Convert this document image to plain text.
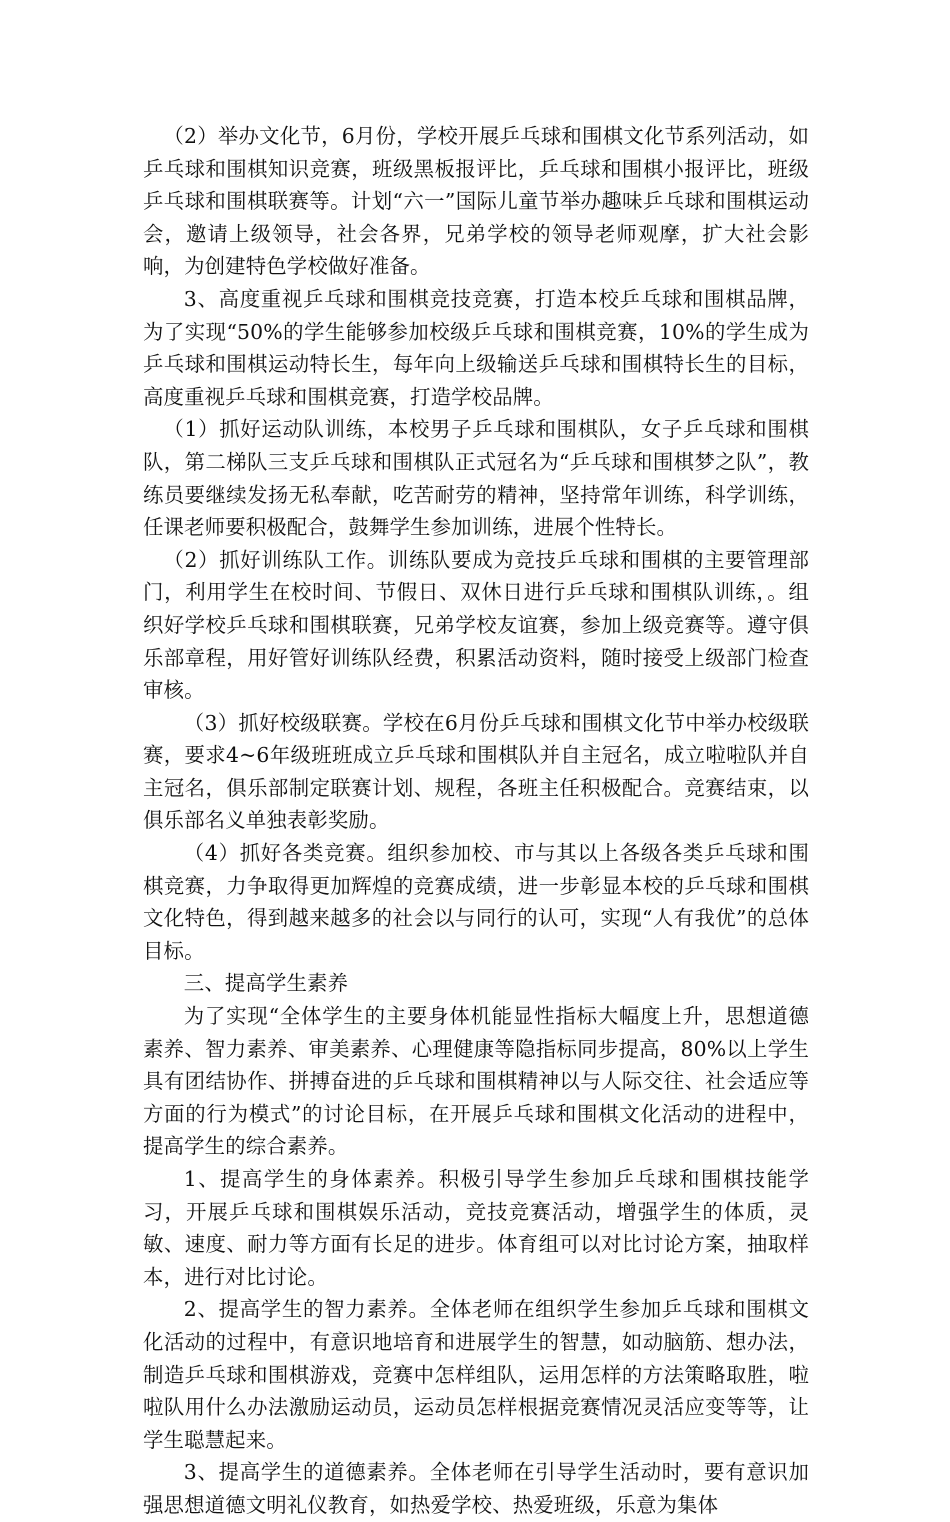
（2）举办文化节，6月份，学校开展乒乓球和围棋文化节系列活动，如乒乓球和围棋知识竞赛，班级黑板报评比，乒乓球和围棋小报评比，班级乒乓球和围棋联赛等。计划“六一”国际儿童节举办趣味乒乓球和围棋运动会，邀请上级领导，社会各界，兄弟学校的领导老师观摩，扩大社会影响，为创建特色学校做好准备。

3、高度重视乒乓球和围棋竞技竞赛，打造本校乒乓球和围棋品牌，为了实现“50%的学生能够参加校级乒乓球和围棋竞赛，10%的学生成为乒乓球和围棋运动特长生，每年向上级输送乒乓球和围棋特长生的目标，高度重视乒乓球和围棋竞赛，打造学校品牌。

（1）抓好运动队训练，本校男子乒乓球和围棋队，女子乒乓球和围棋队，第二梯队三支乒乓球和围棋队正式冠名为“乒乓球和围棋梦之队”，教练员要继续发扬无私奉献，吃苦耐劳的精神，坚持常年训练，科学训练，任课老师要积极配合，鼓舞学生参加训练，进展个性特长。

（2）抓好训练队工作。训练队要成为竞技乒乓球和围棋的主要管理部门，利用学生在校时间、节假日、双休日进行乒乓球和围棋队训练，。组织好学校乒乓球和围棋联赛，兄弟学校友谊赛，参加上级竞赛等。遵守俱乐部章程，用好管好训练队经费，积累活动资料，随时接受上级部门检查审核。

（3）抓好校级联赛。学校在6月份乒乓球和围棋文化节中举办校级联赛，要求4~6年级班班成立乒乓球和围棋队并自主冠名，成立啦啦队并自主冠名，俱乐部制定联赛计划、规程，各班主任积极配合。竞赛结束，以俱乐部名义单独表彰奖励。

（4）抓好各类竞赛。组织参加校、市与其以上各级各类乒乓球和围棋竞赛，力争取得更加辉煌的竞赛成绩，进一步彰显本校的乒乓球和围棋文化特色，得到越来越多的社会以与同行的认可，实现“人有我优”的总体目标。

三、提高学生素养

为了实现“全体学生的主要身体机能显性指标大幅度上升，思想道德素养、智力素养、审美素养、心理健康等隐指标同步提高，80%以上学生具有团结协作、拼搏奋进的乒乓球和围棋精神以与人际交往、社会适应等方面的行为模式”的讨论目标，在开展乒乓球和围棋文化活动的进程中，提高学生的综合素养。

1、提高学生的身体素养。积极引导学生参加乒乓球和围棋技能学习，开展乒乓球和围棋娱乐活动，竞技竞赛活动，增强学生的体质，灵敏、速度、耐力等方面有长足的进步。体育组可以对比讨论方案，抽取样本，进行对比讨论。

2、提高学生的智力素养。全体老师在组织学生参加乒乓球和围棋文化活动的过程中，有意识地培育和进展学生的智慧，如动脑筋、想办法，制造乒乓球和围棋游戏，竞赛中怎样组队，运用怎样的方法策略取胜，啦啦队用什么办法激励运动员，运动员怎样根据竞赛情况灵活应变等等，让学生聪慧起来。

3、提高学生的道德素养。全体老师在引导学生活动时，要有意识加强思想道德文明礼仪教育，如热爱学校、热爱班级，乐意为集体
